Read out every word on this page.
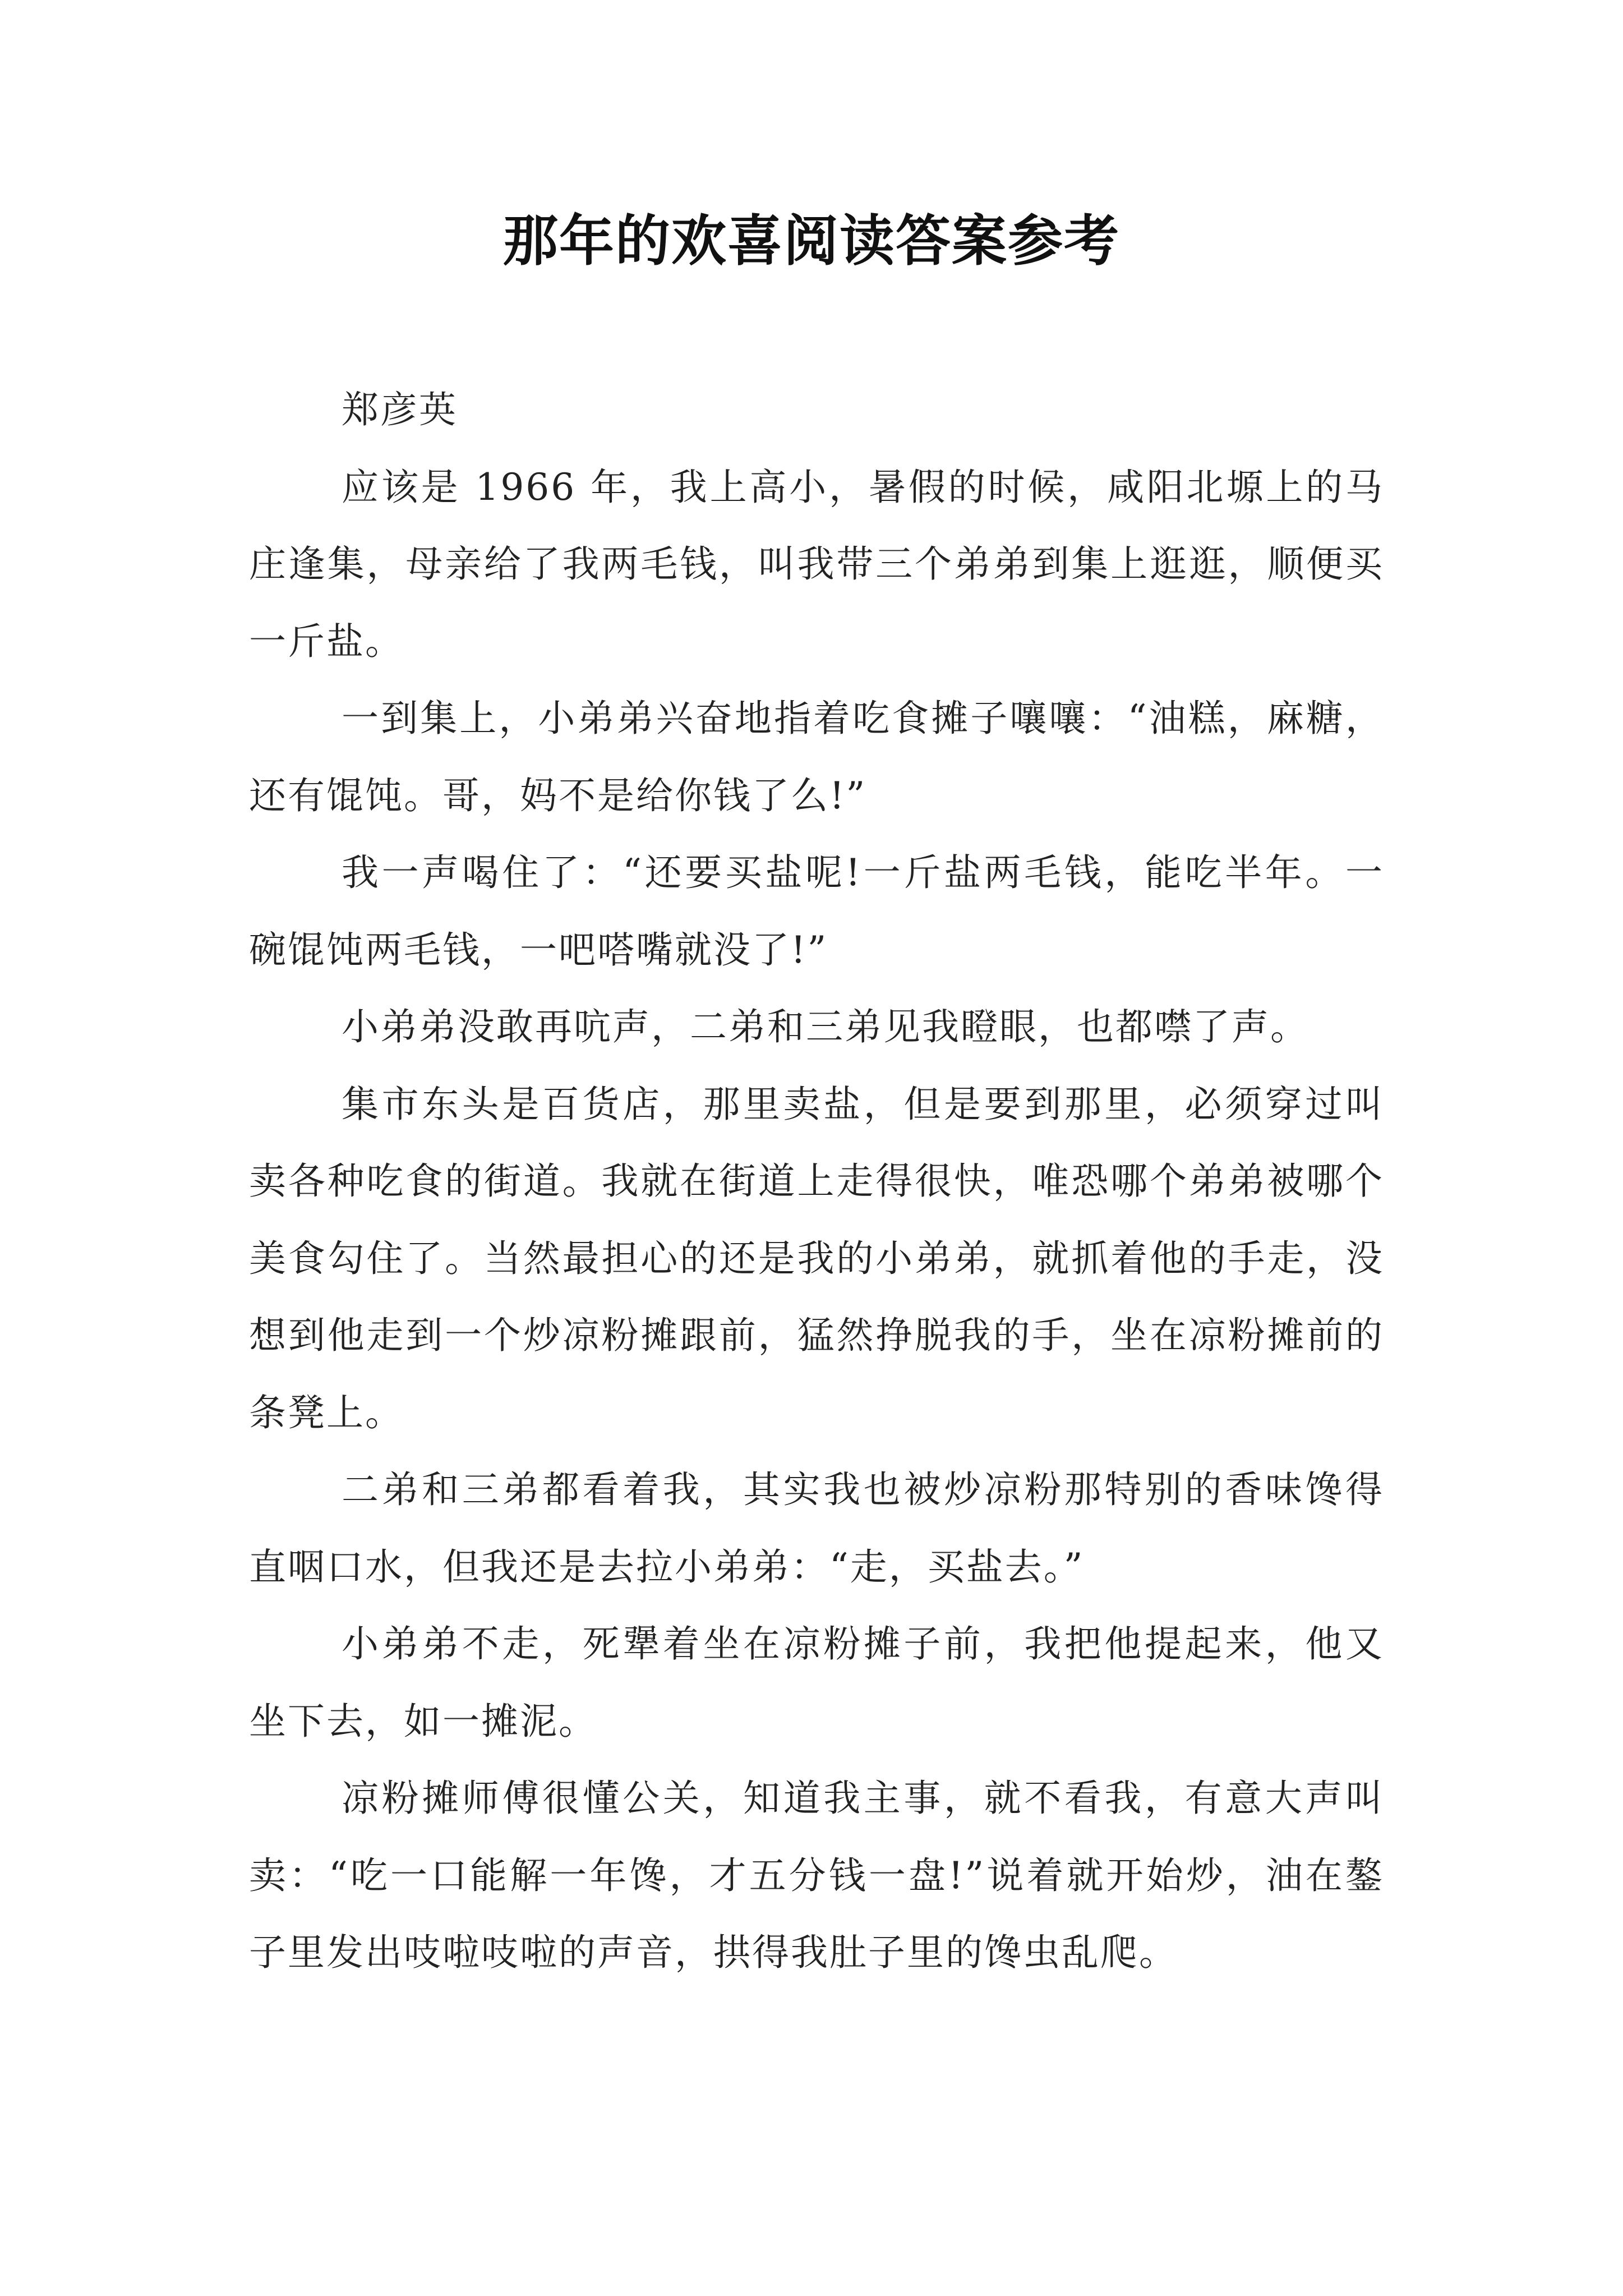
那年的欢喜阅读答案参考

郑彦英

应该是 1966 年，我上高小，暑假的时候，咸阳北塬上的马庄逢集，母亲给了我两毛钱，叫我带三个弟弟到集上逛逛，顺便买一斤盐。

一到集上，小弟弟兴奋地指着吃食摊子嚷嚷：“油糕，麻糖，还有馄饨。哥，妈不是给你钱了么!”

我一声喝住了：“还要买盐呢!一斤盐两毛钱，能吃半年。一碗馄饨两毛钱，一吧嗒嘴就没了!”

小弟弟没敢再吭声，二弟和三弟见我瞪眼，也都噤了声。

集市东头是百货店，那里卖盐，但是要到那里，必须穿过叫卖各种吃食的街道。我就在街道上走得很快，唯恐哪个弟弟被哪个美食勾住了。当然最担心的还是我的小弟弟，就抓着他的手走，没想到他走到一个炒凉粉摊跟前，猛然挣脱我的手，坐在凉粉摊前的条凳上。

二弟和三弟都看着我，其实我也被炒凉粉那特别的香味馋得直咽口水，但我还是去拉小弟弟：“走，买盐去。”

小弟弟不走，死犟着坐在凉粉摊子前，我把他提起来，他又坐下去，如一摊泥。

凉粉摊师傅很懂公关，知道我主事，就不看我，有意大声叫卖：“吃一口能解一年馋，才五分钱一盘!”说着就开始炒，油在鏊子里发出吱啦吱啦的声音，拱得我肚子里的馋虫乱爬。
